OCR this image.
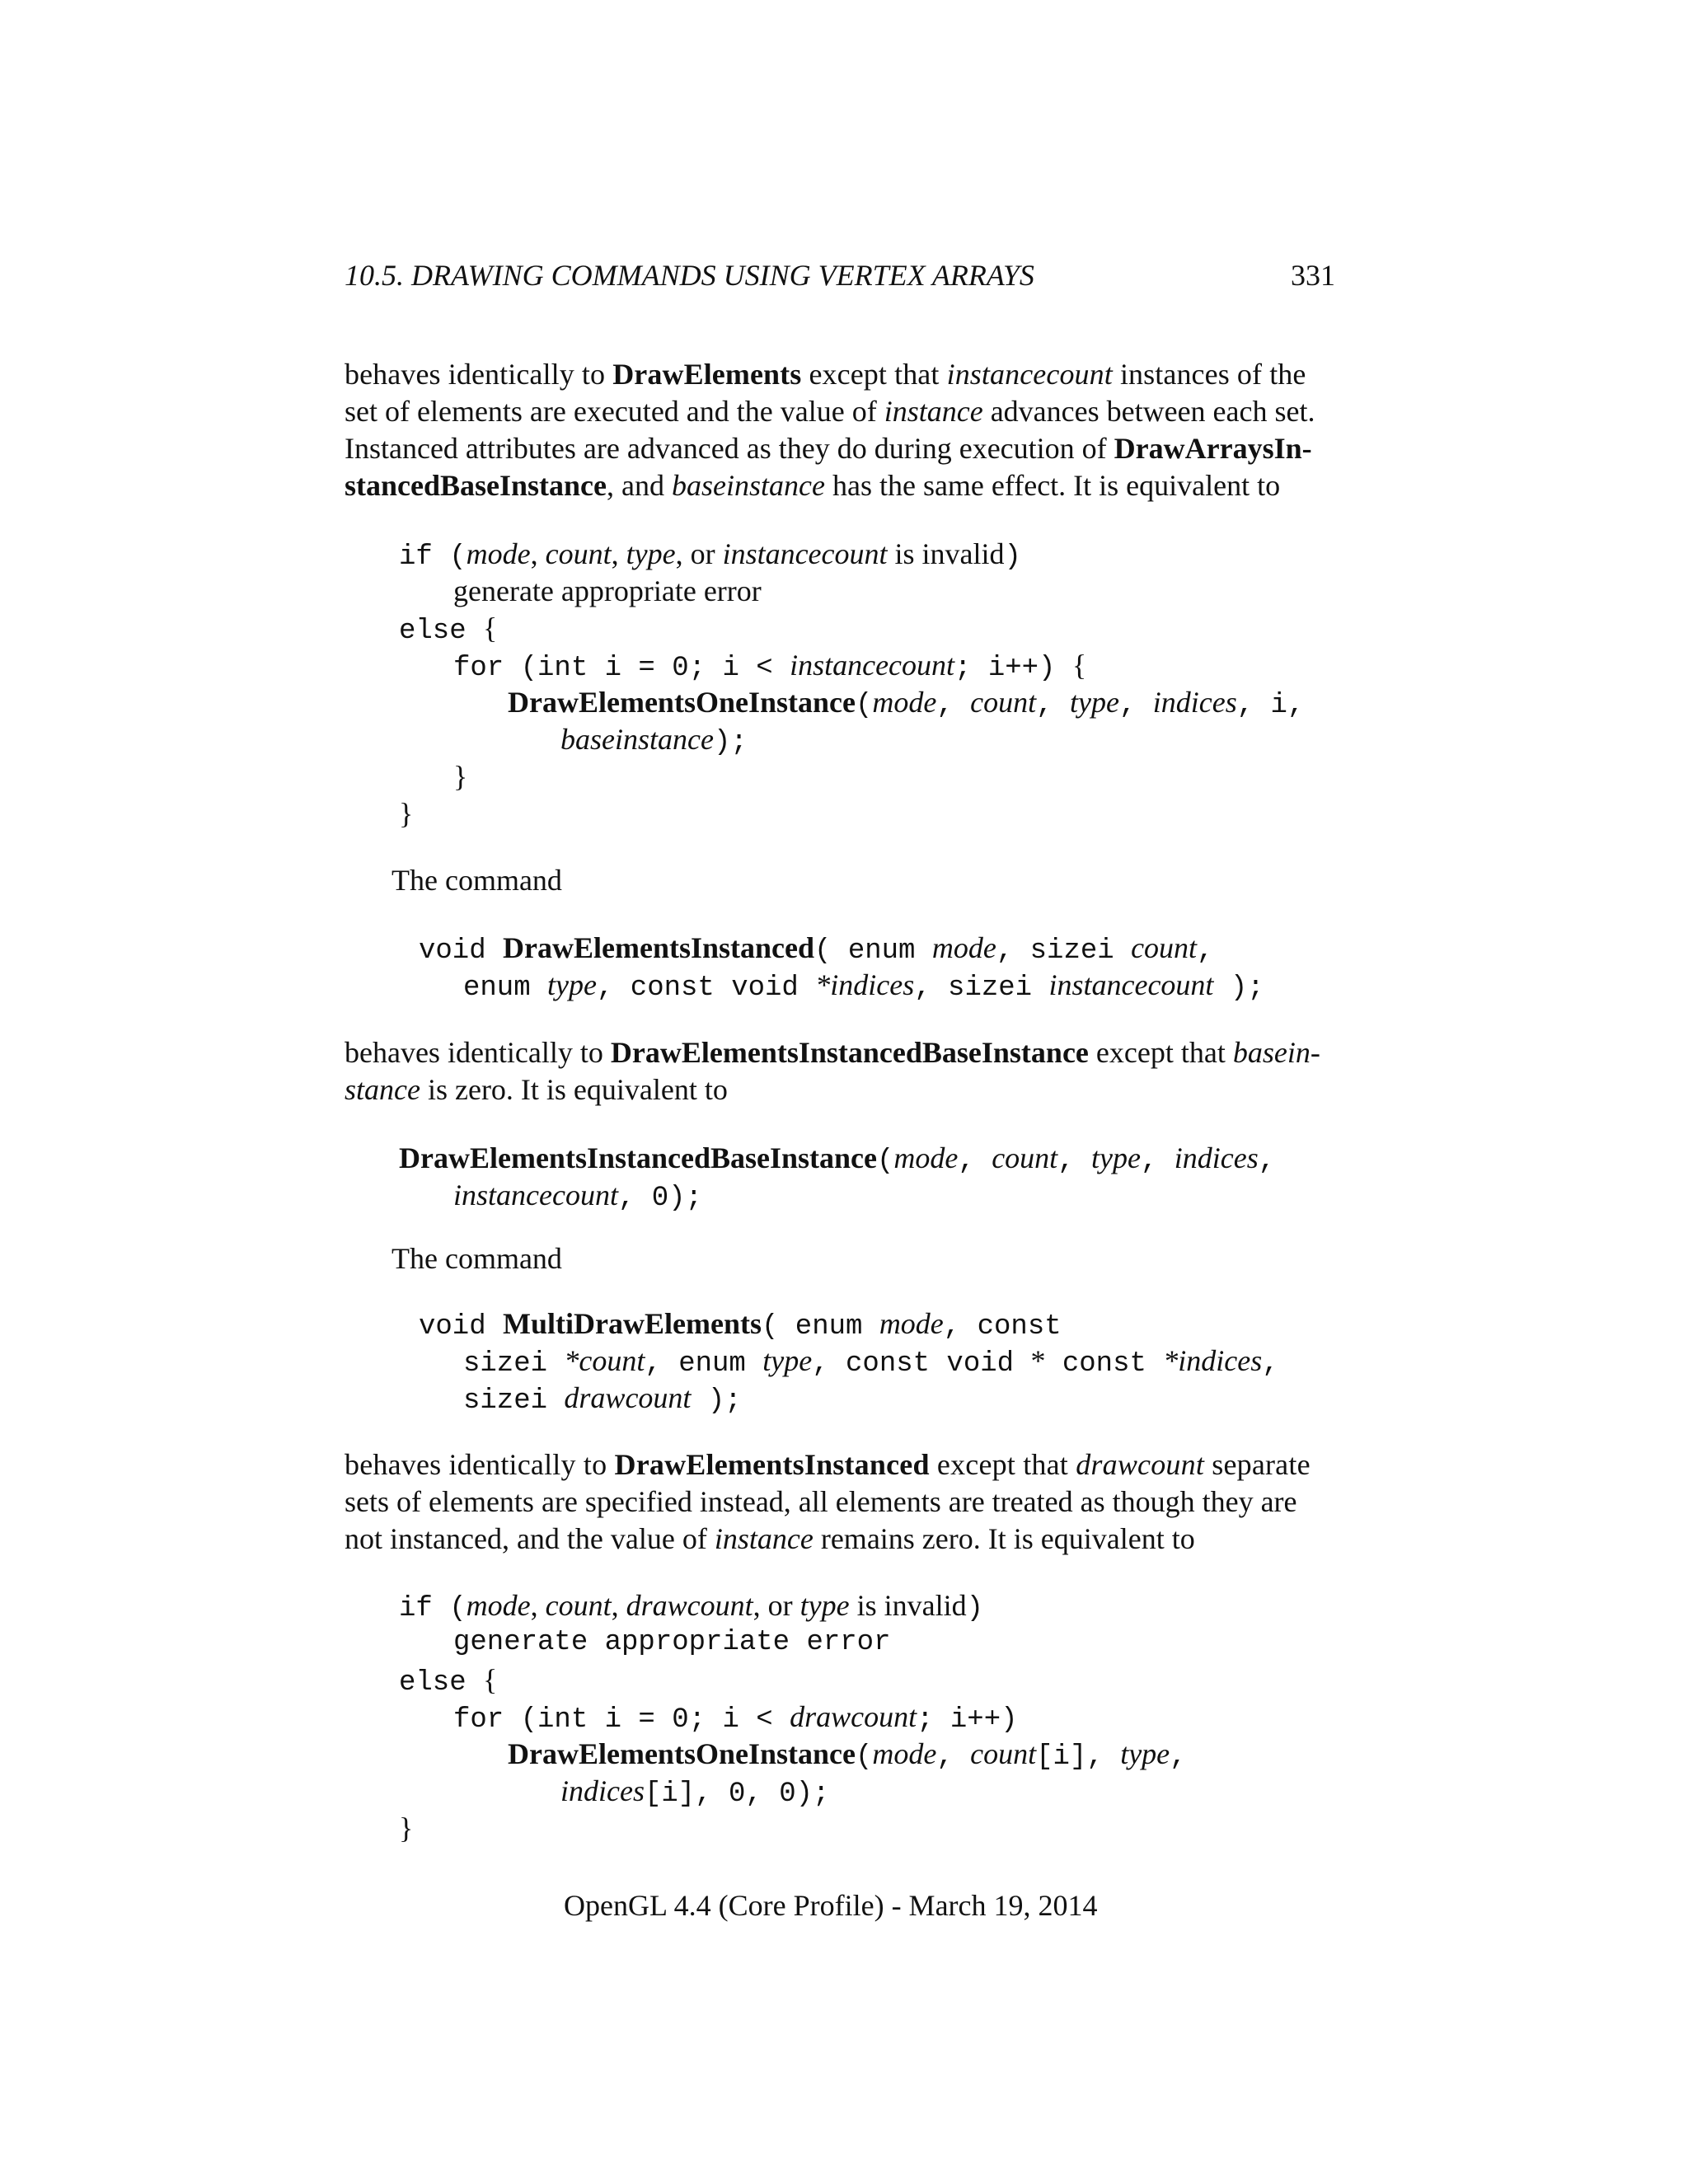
10.5. DRAWING COMMANDS USING VERTEX ARRAYS	331
behaves identically to DrawElements except that instancecount instances of the
set of elements are executed and the value of instance advances between each set.
Instanced attributes are advanced as they do during execution of DrawArraysIn-
stancedBaseInstance, and baseinstance has the same effect. It is equivalent to
if (mode, count, type, or instancecount is invalid)
generate appropriate error
else {
for (int i = 0; i < instancecount; i++) {
DrawElementsOneInstance(mode, count, type, indices, i,
baseinstance);
}
}
The command
void DrawElementsInstanced( enum mode, sizei count,
enum type, const void *indices, sizei instancecount );
behaves identically to DrawElementsInstancedBaseInstance except that basein-
stance is zero. It is equivalent to
DrawElementsInstancedBaseInstance(mode, count, type, indices,
instancecount, 0);
The command
void MultiDrawElements( enum mode, const
sizei *count, enum type, const void * const *indices,
sizei drawcount );
behaves identically to DrawElementsInstanced except that drawcount separate
sets of elements are specified instead, all elements are treated as though they are
not instanced, and the value of instance remains zero. It is equivalent to
if (mode, count, drawcount, or type is invalid)
generate appropriate error
else {
for (int i = 0; i < drawcount; i++)
DrawElementsOneInstance(mode, count[i], type,
indices[i], 0, 0);
}
OpenGL 4.4 (Core Profile) - March 19, 2014
